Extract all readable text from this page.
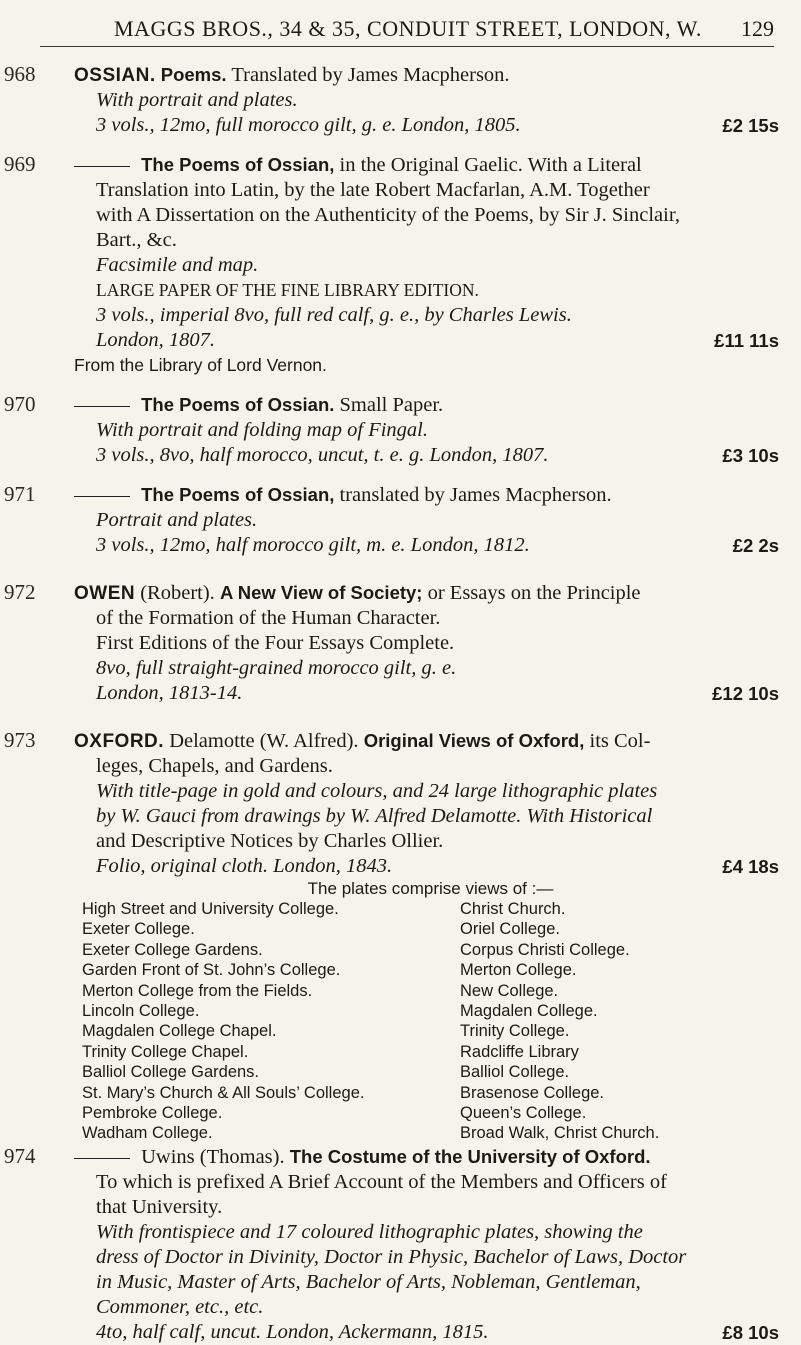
MAGGS BROS., 34 & 35, CONDUIT STREET, LONDON, W. 129
968	OSSIAN. Poems. Translated by James Macpherson.
With portrait and plates.
3 vols., 12mo, full morocco gilt, g. e. London, 1805.	£2 15s
969	The Poems of Ossian, in the Original Gaelic. With a Literal
Translation into Latin, by the late Robert Macfarlan, A.M. Together
with A Dissertation on the Authenticity of the Poems, by Sir J. Sinclair,
Bart., &c.
Facsimile and map.
LARGE PAPER OF THE FINE LIBRARY EDITION.
3 vols., imperial 8vo, full red calf, g. e., by Charles Lewis.
London, 1807.	£11 11s
From the Library of Lord Vernon.
970	The Poems of Ossian. Small Paper.
With portrait and folding map of Fingal.
3 vols., 8vo, half morocco, uncut, t. e. g. London, 1807.	£3 10s
971	The Poems of Ossian, translated by James Macpherson.
Portrait and plates.
3 vols., 12mo, half morocco gilt, m. e. London, 1812.	£2 2s
972	OWEN (Robert). A New View of Society; or Essays on the Principle
of the Formation of the Human Character.
First Editions of the Four Essays Complete.
8vo, full straight-grained morocco gilt, g. e.
London, 1813-14.	£12 10s
973	OXFORD. Delamotte (W. Alfred). Original Views of Oxford, its Col-
leges, Chapels, and Gardens.
With title-page in gold and colours, and 24 large lithographic plates
by W. Gauci from drawings by W. Alfred Delamotte. With Historical
and Descriptive Notices by Charles Ollier.
Folio, original cloth. London, 1843.	£4 18s
The plates comprise views of :—
High Street and University College.	Christ Church.
Exeter College.	Oriel College.
Exeter College Gardens.	Corpus Christi College.
Garden Front of St. John’s College.	Merton College.
Merton College from the Fields.	New College.
Lincoln College.	Magdalen College.
Magdalen College Chapel.	Trinity College.
Trinity College Chapel.	Radcliffe Library
Balliol College Gardens.	Balliol College.
St. Mary’s Church & All Souls’ College.	Brasenose College.
Pembroke College.	Queen’s College.
Wadham College.	Broad Walk, Christ Church.
974	Uwins (Thomas). The Costume of the University of Oxford.
To which is prefixed A Brief Account of the Members and Officers of
that University.
With frontispiece and 17 coloured lithographic plates, showing the
dress of Doctor in Divinity, Doctor in Physic, Bachelor of Laws, Doctor
in Music, Master of Arts, Bachelor of Arts, Nobleman, Gentleman,
Commoner, etc., etc.
4to, half calf, uncut. London, Ackermann, 1815.	£8 10s
